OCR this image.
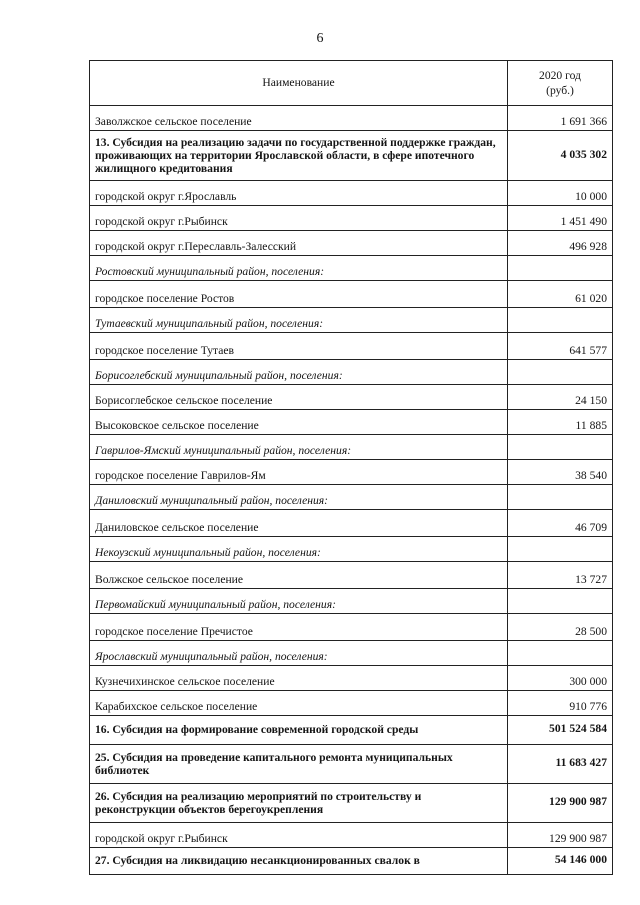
6
Наименование	2020 год
(руб.)
Заволжское сельское поселение	1 691 366
13. Субсидия на реализацию задачи по государственной поддержке граждан, проживающих на территории Ярославской области, в сфере ипотечного жилищного кредитования	4 035 302
городской округ г.Ярославль	10 000
городской округ г.Рыбинск	1 451 490
городской округ г.Переславль-Залесский	496 928
Ростовский муниципальный район, поселения:	
городское поселение Ростов	61 020
Тутаевский муниципальный район, поселения:	
городское поселение Тутаев	641 577
Борисоглебский муниципальный район, поселения:	
Борисоглебское сельское поселение	24 150
Высоковское сельское поселение	11 885
Гаврилов-Ямский муниципальный район, поселения:	
городское поселение Гаврилов-Ям	38 540
Даниловский муниципальный район, поселения:	
Даниловское сельское поселение	46 709
Некоузский муниципальный район, поселения:	
Волжское сельское поселение	13 727
Первомайский муниципальный район, поселения:	
городское поселение Пречистое	28 500
Ярославский муниципальный район, поселения:	
Кузнечихинское сельское поселение	300 000
Карабихское сельское поселение	910 776
16. Субсидия на формирование современной городской среды	501 524 584
25. Субсидия на проведение капитального ремонта муниципальных библиотек	11 683 427
26. Субсидия на реализацию мероприятий по строительству и реконструкции объектов берегоукрепления	129 900 987
городской округ г.Рыбинск	129 900 987
27. Субсидия на ликвидацию несанкционированных свалок в	54 146 000
